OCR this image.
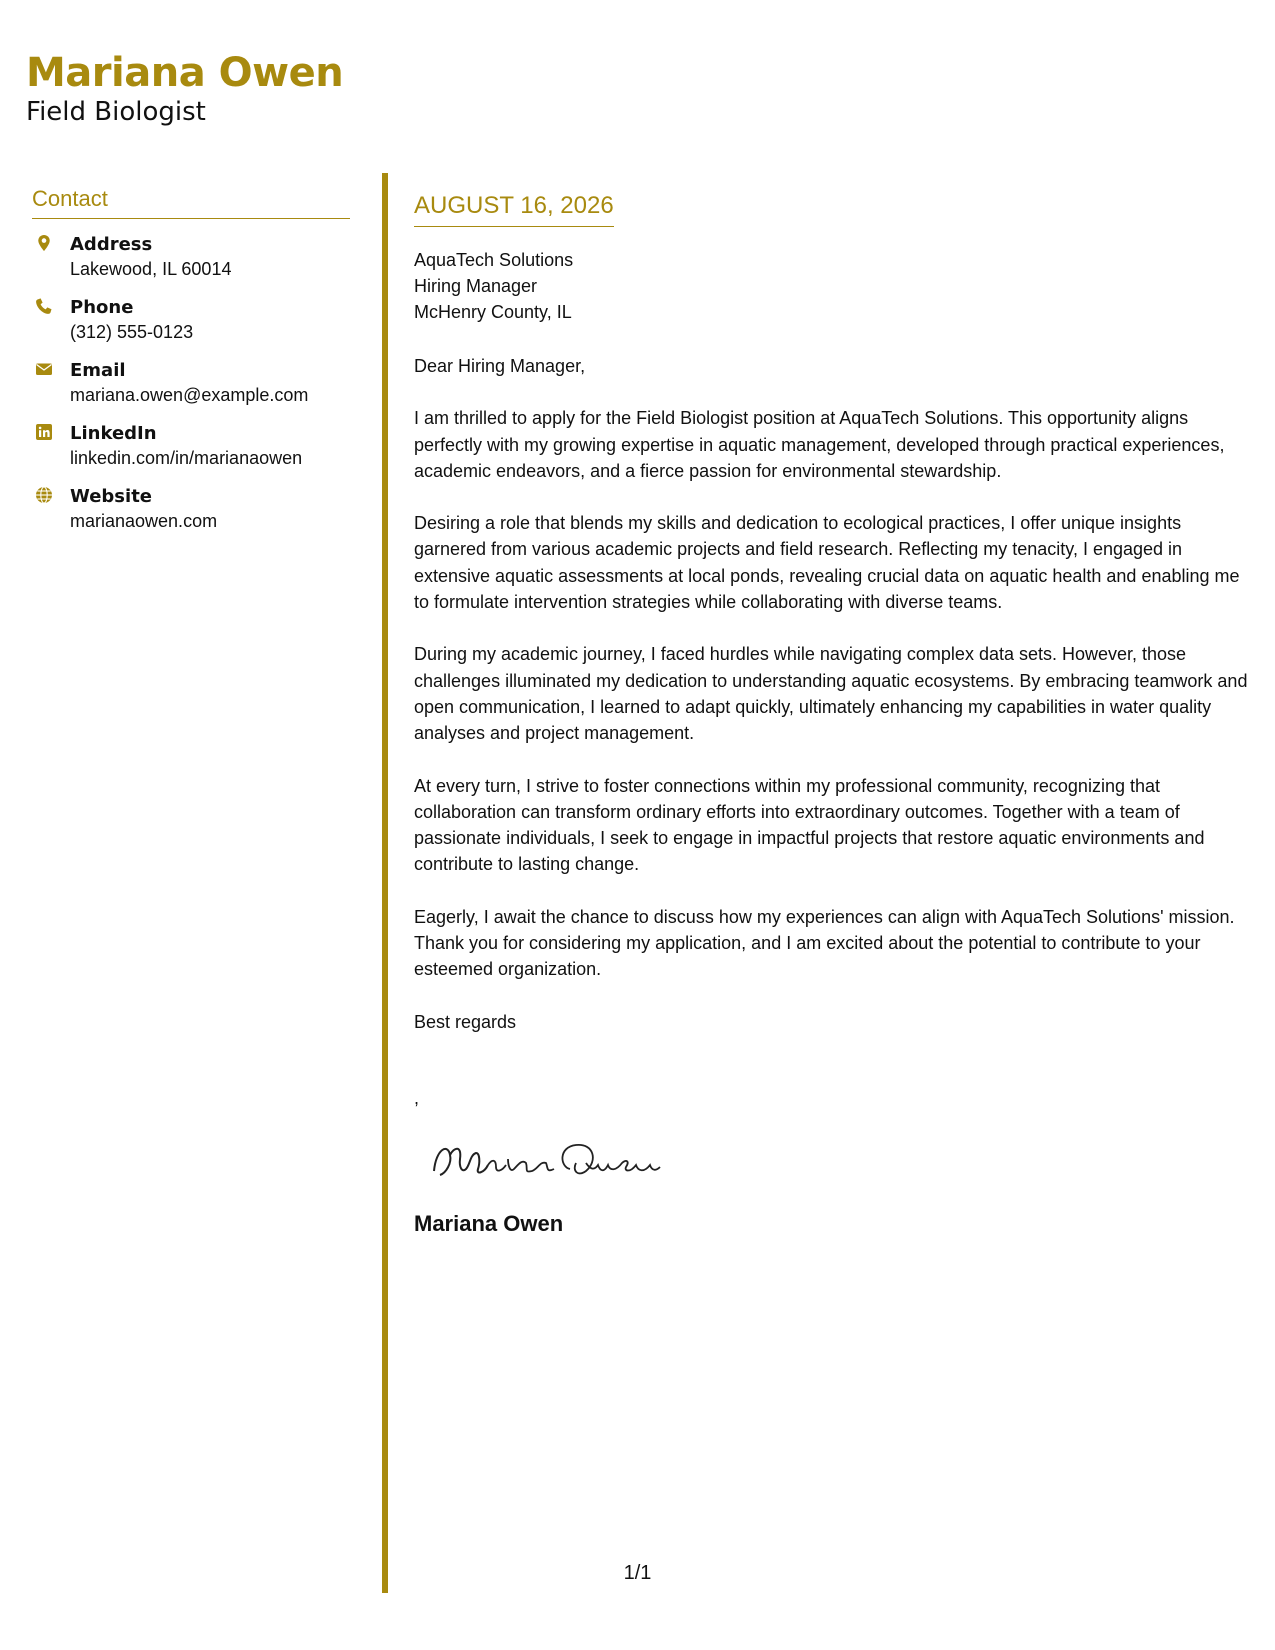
Mariana Owen
Field Biologist
Contact
Address
Lakewood, IL 60014
Phone
(312) 555-0123
Email
mariana.owen@example.com
LinkedIn
linkedin.com/in/marianaowen
Website
marianaowen.com
AUGUST 16, 2026
AquaTech Solutions
Hiring Manager
McHenry County, IL
Dear Hiring Manager,
I am thrilled to apply for the Field Biologist position at AquaTech Solutions. This opportunity aligns perfectly with my growing expertise in aquatic management, developed through practical experiences, academic endeavors, and a fierce passion for environmental stewardship.
Desiring a role that blends my skills and dedication to ecological practices, I offer unique insights garnered from various academic projects and field research. Reflecting my tenacity, I engaged in extensive aquatic assessments at local ponds, revealing crucial data on aquatic health and enabling me to formulate intervention strategies while collaborating with diverse teams.
During my academic journey, I faced hurdles while navigating complex data sets. However, those challenges illuminated my dedication to understanding aquatic ecosystems. By embracing teamwork and open communication, I learned to adapt quickly, ultimately enhancing my capabilities in water quality analyses and project management.
At every turn, I strive to foster connections within my professional community, recognizing that collaboration can transform ordinary efforts into extraordinary outcomes. Together with a team of passionate individuals, I seek to engage in impactful projects that restore aquatic environments and contribute to lasting change.
Eagerly, I await the chance to discuss how my experiences can align with AquaTech Solutions' mission. Thank you for considering my application, and I am excited about the potential to contribute to your esteemed organization.
Best regards
,
Mariana Owen
1/1
